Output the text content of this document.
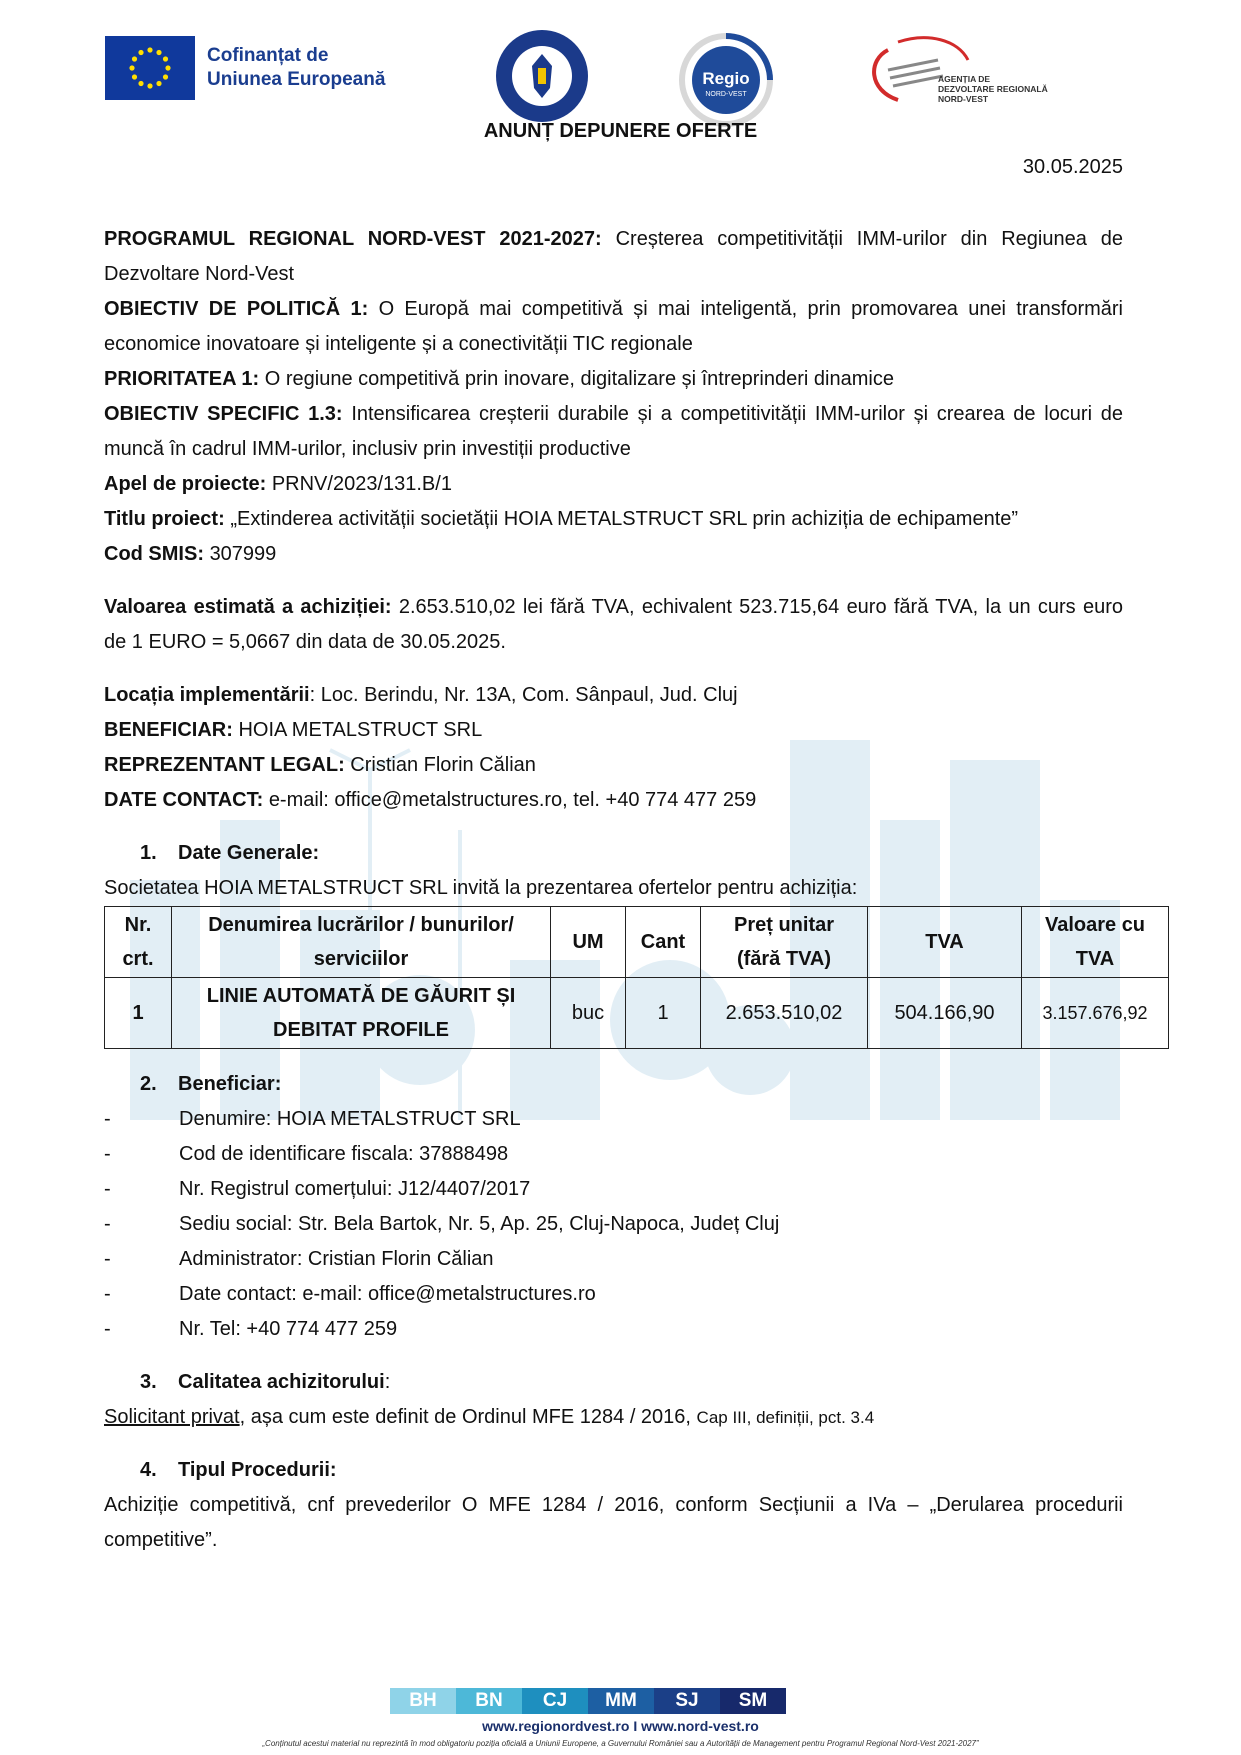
Cofinanțat de
Uniunea Europeană	Regio
NORD-VEST
AGENȚIA DE
DEZVOLTARE REGIONALĂ
NORD-VEST
ANUNȚ DEPUNERE OFERTE
30.05.2025

PROGRAMUL REGIONAL NORD-VEST 2021-2027: Creșterea competitivității IMM-urilor din Regiunea de Dezvoltare Nord-Vest

OBIECTIV DE POLITICĂ 1: O Europă mai competitivă și mai inteligentă, prin promovarea unei transformări economice inovatoare și inteligente și a conectivității TIC regionale

PRIORITATEA 1: O regiune competitivă prin inovare, digitalizare și întreprinderi dinamice

OBIECTIV SPECIFIC 1.3: Intensificarea creșterii durabile și a competitivității IMM-urilor și crearea de locuri de muncă în cadrul IMM-urilor, inclusiv prin investiții productive

Apel de proiecte: PRNV/2023/131.B/1

Titlu proiect: „Extinderea activității societății HOIA METALSTRUCT SRL prin achiziția de echipamente”

Cod SMIS: 307999

Valoarea estimată a achiziției: 2.653.510,02 lei fără TVA, echivalent 523.715,64 euro fără TVA, la un curs euro de 1 EURO = 5,0667 din data de 30.05.2025.

Locația implementării: Loc. Berindu, Nr. 13A, Com. Sânpaul, Jud. Cluj

BENEFICIAR: HOIA METALSTRUCT SRL

REPREZENTANT LEGAL: Cristian Florin Călian

DATE CONTACT: e-mail: office@metalstructures.ro, tel. +40 774 477 259

1. Date Generale:

Societatea HOIA METALSTRUCT SRL invită la prezentarea ofertelor pentru achiziția:

Nr.
crt.	Denumirea lucrărilor / bunurilor/
serviciilor	UM	Cant	Preț unitar
(fără TVA)	TVA	Valoare cu TVA
1	LINIE AUTOMATĂ DE GĂURIT ȘI
DEBITAT PROFILE	buc	1	2.653.510,02	504.166,90	3.157.676,92

2. Beneficiar:

- Denumire: HOIA METALSTRUCT SRL
- Cod de identificare fiscala: 37888498
- Nr. Registrul comerțului: J12/4407/2017
- Sediu social: Str. Bela Bartok, Nr. 5, Ap. 25, Cluj-Napoca, Județ Cluj
- Administrator: Cristian Florin Călian
- Date contact: e-mail: office@metalstructures.ro
- Nr. Tel: +40 774 477 259

3. Calitatea achizitorului:

Solicitant privat, așa cum este definit de Ordinul MFE 1284 / 2016, Cap III, definiții, pct. 3.4

4. Tipul Procedurii:

Achiziție competitivă, cnf prevederilor O MFE 1284 / 2016, conform Secțiunii a IVa – „Derularea procedurii competitive”.

BH	BN	CJ	MM	SJ	SM
www.regionordvest.ro I www.nord-vest.ro
„Conținutul acestui material nu reprezintă în mod obligatoriu poziția oficială a Uniunii Europene, a Guvernului României sau a Autorității de Management pentru Programul Regional Nord-Vest 2021-2027”
